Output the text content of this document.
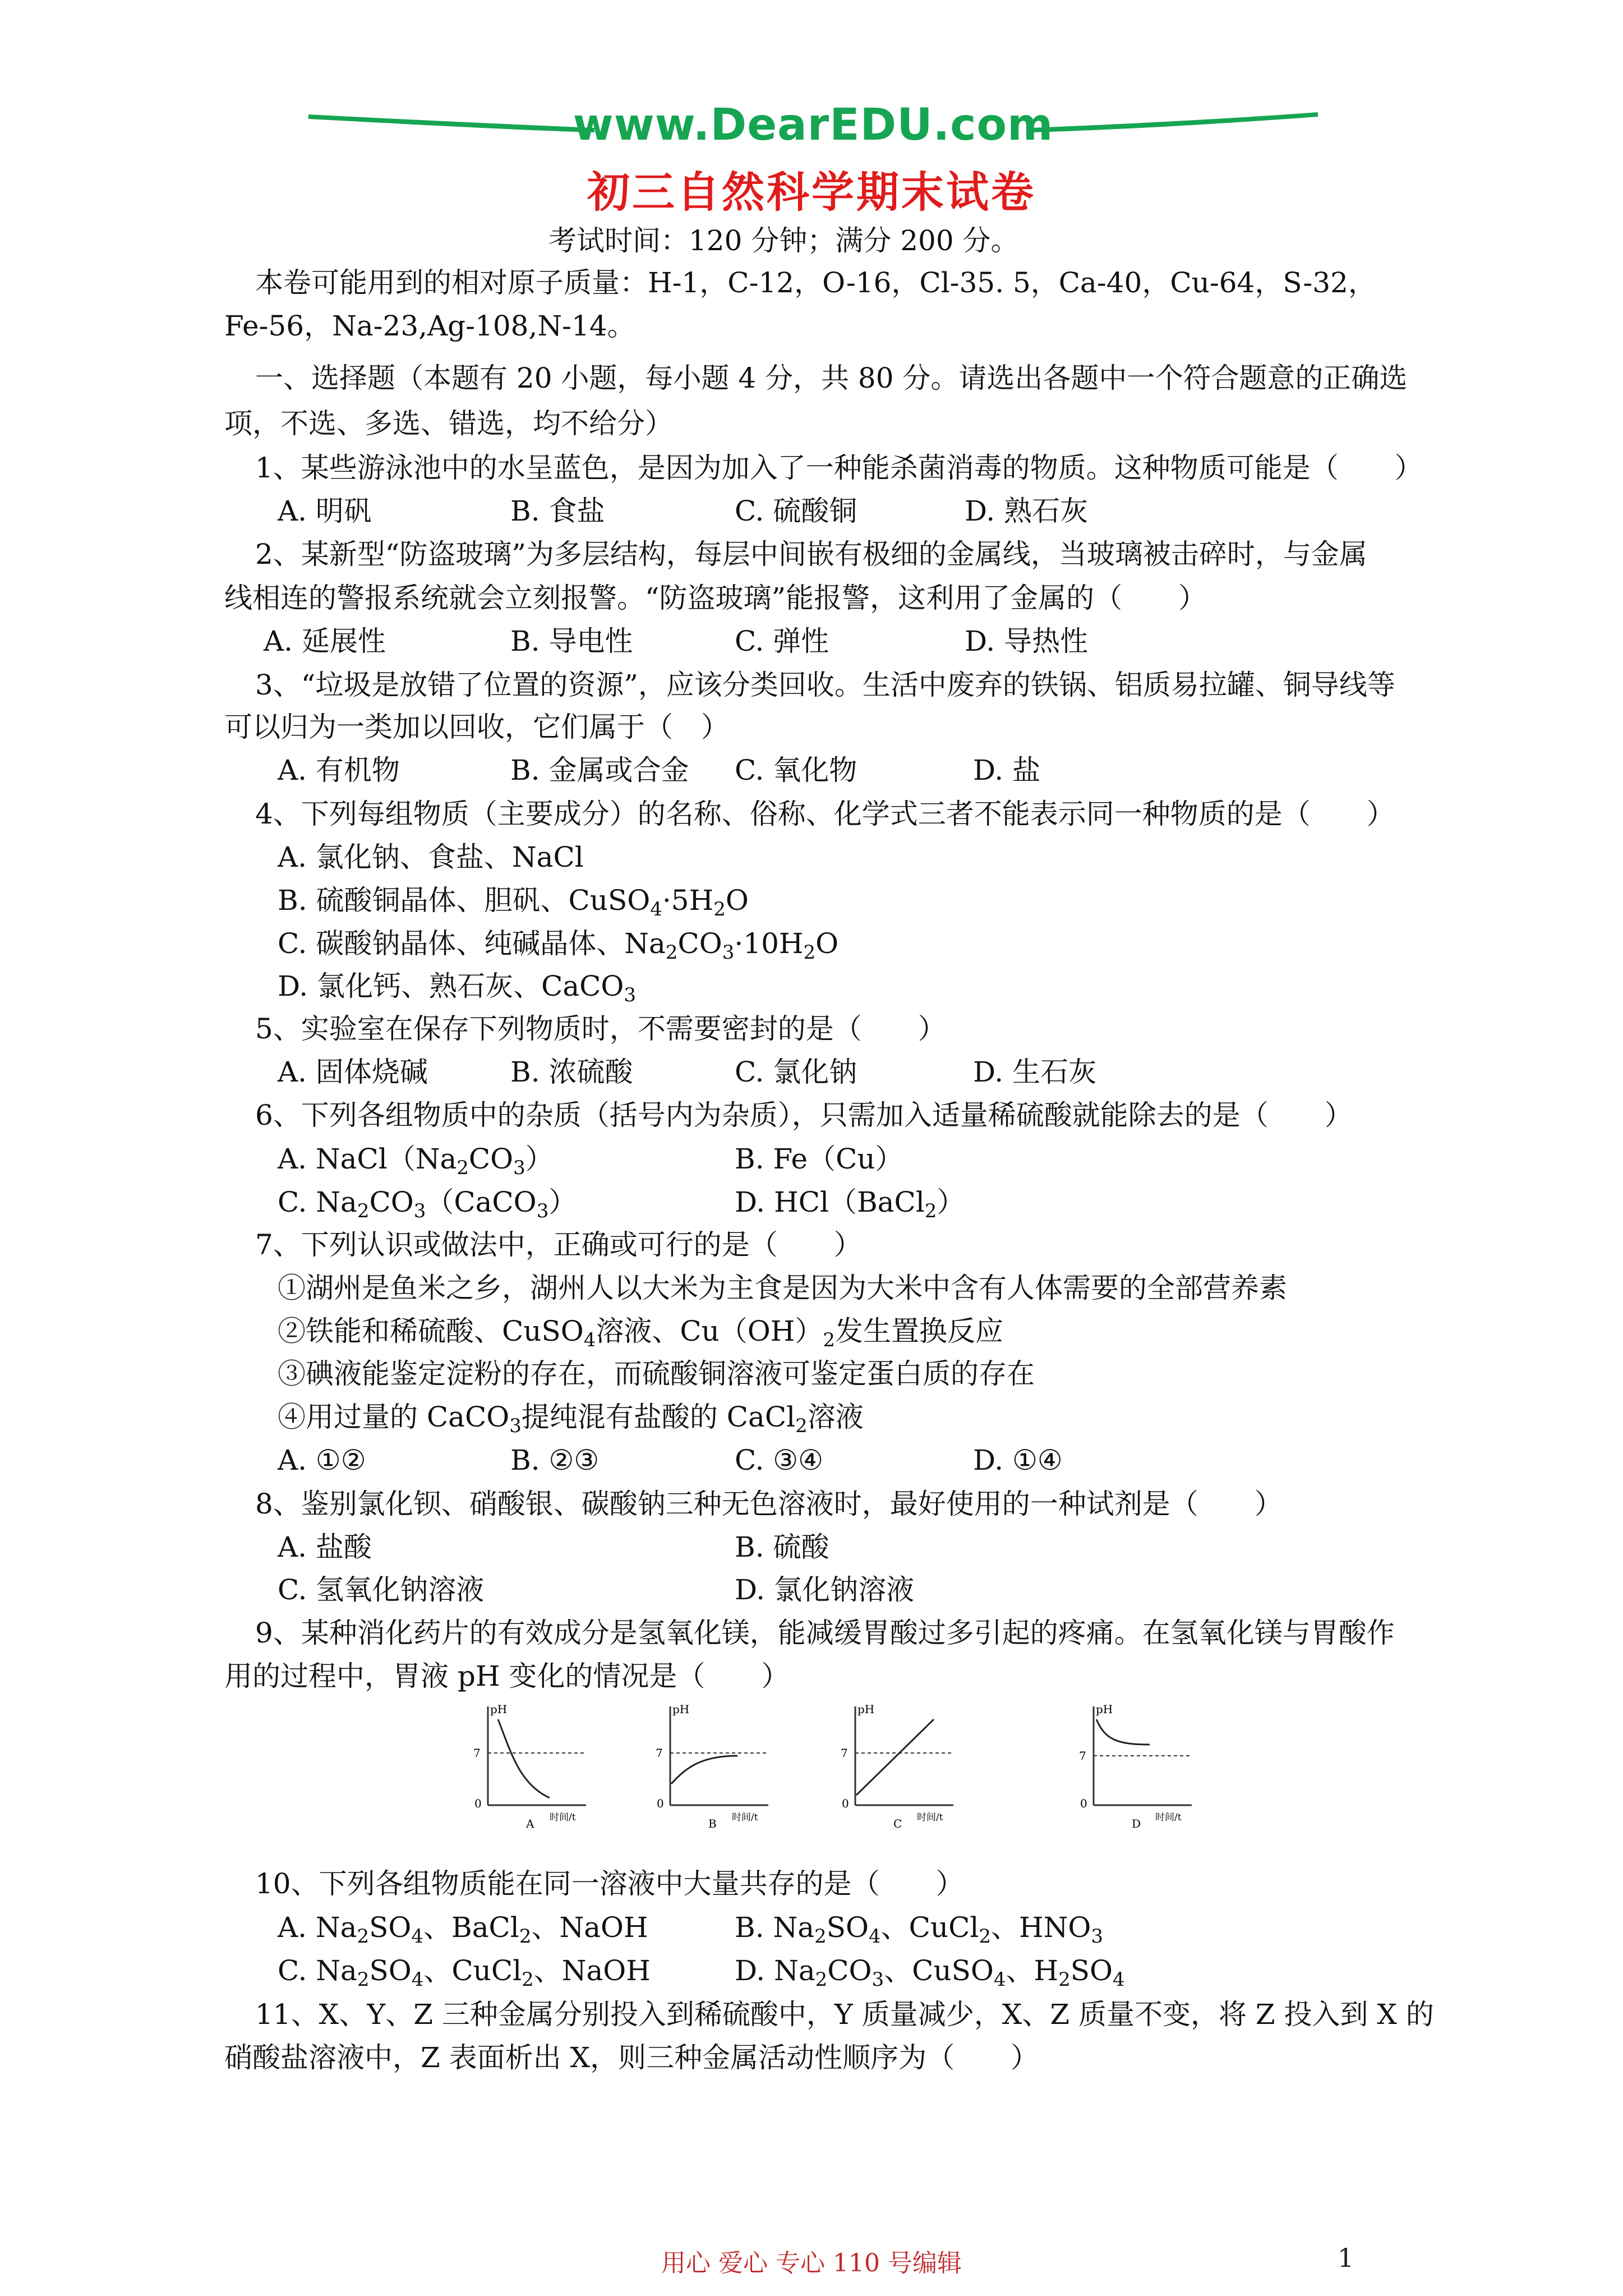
www.DearEDU.com
初三自然科学期末试卷
考试时间：120 分钟；满分 200 分。
本卷可能用到的相对原子质量：H-1，C-12，O-16，Cl-35. 5，Ca-40，Cu-64，S-32，
Fe-56，Na-23,Ag-108,N-14。
一、选择题（本题有 20 小题，每小题 4 分，共 80 分。请选出各题中一个符合题意的正确选
项，不选、多选、错选，均不给分）
1、某些游泳池中的水呈蓝色，是因为加入了一种能杀菌消毒的物质。这种物质可能是（　　）
A. 明矾	B. 食盐	C. 硫酸铜	D. 熟石灰
2、某新型“防盗玻璃”为多层结构，每层中间嵌有极细的金属线，当玻璃被击碎时，与金属
线相连的警报系统就会立刻报警。“防盗玻璃”能报警，这利用了金属的（　　）
A. 延展性	B. 导电性	C. 弹性	D. 导热性
3、“垃圾是放错了位置的资源”，应该分类回收。生活中废弃的铁锅、铝质易拉罐、铜导线等
可以归为一类加以回收，它们属于（　）
A. 有机物	B. 金属或合金 C. 氧化物	D. 盐
4、下列每组物质（主要成分）的名称、俗称、化学式三者不能表示同一种物质的是（　　）
A. 氯化钠、食盐、NaCl
B. 硫酸铜晶体、胆矾、$CuSO_4\cdot 5H_2O$
C. 碳酸钠晶体、纯碱晶体、$Na_2CO_3\cdot 10H_2O$
D. 氯化钙、熟石灰、CaCO$_3$
5、实验室在保存下列物质时，不需要密封的是（　　）
A. 固体烧碱	B. 浓硫酸	C. 氯化钠	D. 生石灰
6、下列各组物质中的杂质（括号内为杂质），只需加入适量稀硫酸就能除去的是（　　）
A. $NaCl(Na_2CO_3)$	B. Fe（Cu）
C. $Na_2CO_3(CaCO_3)$	D. HCl（BaCl$_2$）
7、下列认识或做法中，正确或可行的是（　　）
①湖州是鱼米之乡，湖州人以大米为主食是因为大米中含有人体需要的全部营养素
②铁能和稀硫酸、CuSO$_4$溶液、$Cu(OH)_2$发生置换反应
③碘液能鉴定淀粉的存在，而硫酸铜溶液可鉴定蛋白质的存在
④用过量的 CaCO$_3$提纯混有盐酸的 CaCl$_2$溶液
A. ①②	B. ②③	C. ③④	D. ①④
8、鉴别氯化钡、硝酸银、碳酸钠三种无色溶液时，最好使用的一种试剂是（　　）
A. 盐酸	B. 硫酸
C. 氢氧化钠溶液	D. 氯化钠溶液
9、某种消化药片的有效成分是氢氧化镁，能减缓胃酸过多引起的疼痛。在氢氧化镁与胃酸作
用的过程中，胃液 pH 变化的情况是（　　）
pH
7
0
时间/t
A
pH
7
0
时间/t
B
pH
7
0
时间/t
C
pH
7
0
时间/t
D
10、下列各组物质能在同一溶液中大量共存的是（　　）
A. $Na_2SO_4$、BaCl$_2$、NaOH	B. $Na_2SO_4$、CuCl$_2$、$HNO_3$
C. $Na_2SO_4$、CuCl$_2$、NaOH	D. $Na_2CO_3$、CuSO$_4$、$H_2SO_4$
11、X、Y、Z 三种金属分别投入到稀硫酸中，Y 质量减少，X、Z 质量不变，将 Z 投入到 X 的
硝酸盐溶液中，Z 表面析出 X，则三种金属活动性顺序为（　　）
用心 爱心 专心 110 号编辑	1
